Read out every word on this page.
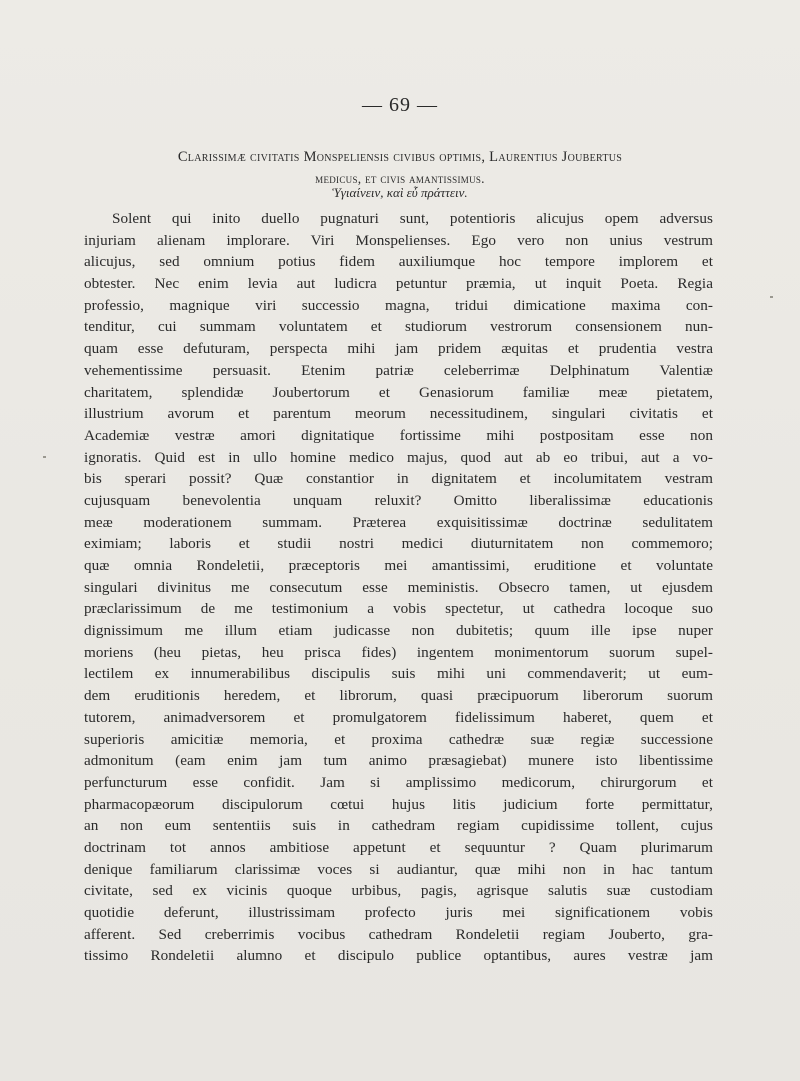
— 69 —
Clarissimæ civitatis Monspeliensis civibus optimis, Laurentius Joubertus
medicus, et civis amantissimus.
Ὑγιαίνειν, καὶ εὖ πράττειν.
Solent qui inito duello pugnaturi sunt, potentioris alicujus opem adversus
injuriam alienam implorare. Viri Monspelienses. Ego vero non unius vestrum
alicujus, sed omnium potius fidem auxiliumque hoc tempore implorem et
obtester. Nec enim levia aut ludicra petuntur præmia, ut inquit Poeta. Regia
professio, magnique viri successio magna, tridui dimicatione maxima con-
tenditur, cui summam voluntatem et studiorum vestrorum consensionem nun-
quam esse defuturam, perspecta mihi jam pridem æquitas et prudentia vestra
vehementissime persuasit. Etenim patriæ celeberrimæ Delphinatum Valentiæ
charitatem, splendidæ Joubertorum et Genasiorum familiæ meæ pietatem,
illustrium avorum et parentum meorum necessitudinem, singulari civitatis et
Academiæ vestræ amori dignitatique fortissime mihi postpositam esse non
ignoratis. Quid est in ullo homine medico majus, quod aut ab eo tribui, aut a vo-
bis sperari possit? Quæ constantior in dignitatem et incolumitatem vestram
cujusquam benevolentia unquam reluxit? Omitto liberalissimæ educationis
meæ moderationem summam. Præterea exquisitissimæ doctrinæ sedulitatem
eximiam; laboris et studii nostri medici diuturnitatem non commemoro;
quæ omnia Rondeletii, præceptoris mei amantissimi, eruditione et voluntate
singulari divinitus me consecutum esse meministis. Obsecro tamen, ut ejusdem
præclarissimum de me testimonium a vobis spectetur, ut cathedra locoque suo
dignissimum me illum etiam judicasse non dubitetis; quum ille ipse nuper
moriens (heu pietas, heu prisca fides) ingentem monimentorum suorum supel-
lectilem ex innumerabilibus discipulis suis mihi uni commendaverit; ut eum-
dem eruditionis heredem, et librorum, quasi præcipuorum liberorum suorum
tutorem, animadversorem et promulgatorem fidelissimum haberet, quem et
superioris amicitiæ memoria, et proxima cathedræ suæ regiæ successione
admonitum (eam enim jam tum animo præsagiebat) munere isto libentissime
perfuncturum esse confidit. Jam si amplissimo medicorum, chirurgorum et
pharmacopæorum discipulorum cœtui hujus litis judicium forte permittatur,
an non eum sententiis suis in cathedram regiam cupidissime tollent, cujus
doctrinam tot annos ambitiose appetunt et sequuntur ? Quam plurimarum
denique familiarum clarissimæ voces si audiantur, quæ mihi non in hac tantum
civitate, sed ex vicinis quoque urbibus, pagis, agrisque salutis suæ custodiam
quotidie deferunt, illustrissimam profecto juris mei significationem vobis
afferent. Sed creberrimis vocibus cathedram Rondeletii regiam Jouberto, gra-
tissimo Rondeletii alumno et discipulo publice optantibus, aures vestræ jam
